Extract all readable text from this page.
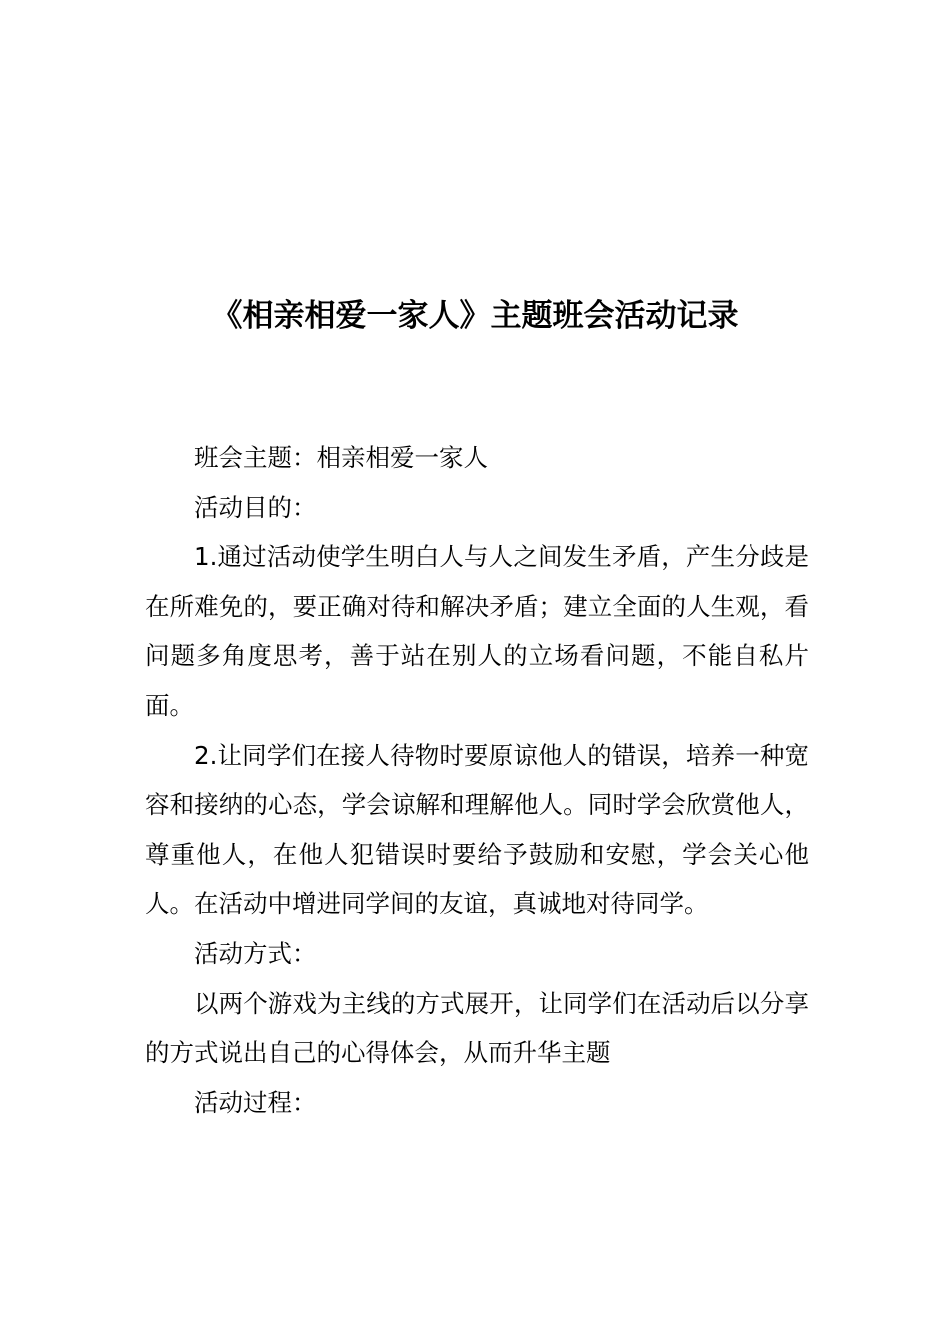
《相亲相爱一家人》主题班会活动记录

班会主题：相亲相爱一家人

活动目的：

1.通过活动使学生明白人与人之间发生矛盾，产生分歧是在所难免的，要正确对待和解决矛盾；建立全面的人生观，看问题多角度思考，善于站在别人的立场看问题，不能自私片面。

2.让同学们在接人待物时要原谅他人的错误，培养一种宽容和接纳的心态，学会谅解和理解他人。同时学会欣赏他人，尊重他人，在他人犯错误时要给予鼓励和安慰，学会关心他人。在活动中增进同学间的友谊，真诚地对待同学。

活动方式：

以两个游戏为主线的方式展开，让同学们在活动后以分享的方式说出自己的心得体会，从而升华主题

活动过程：
